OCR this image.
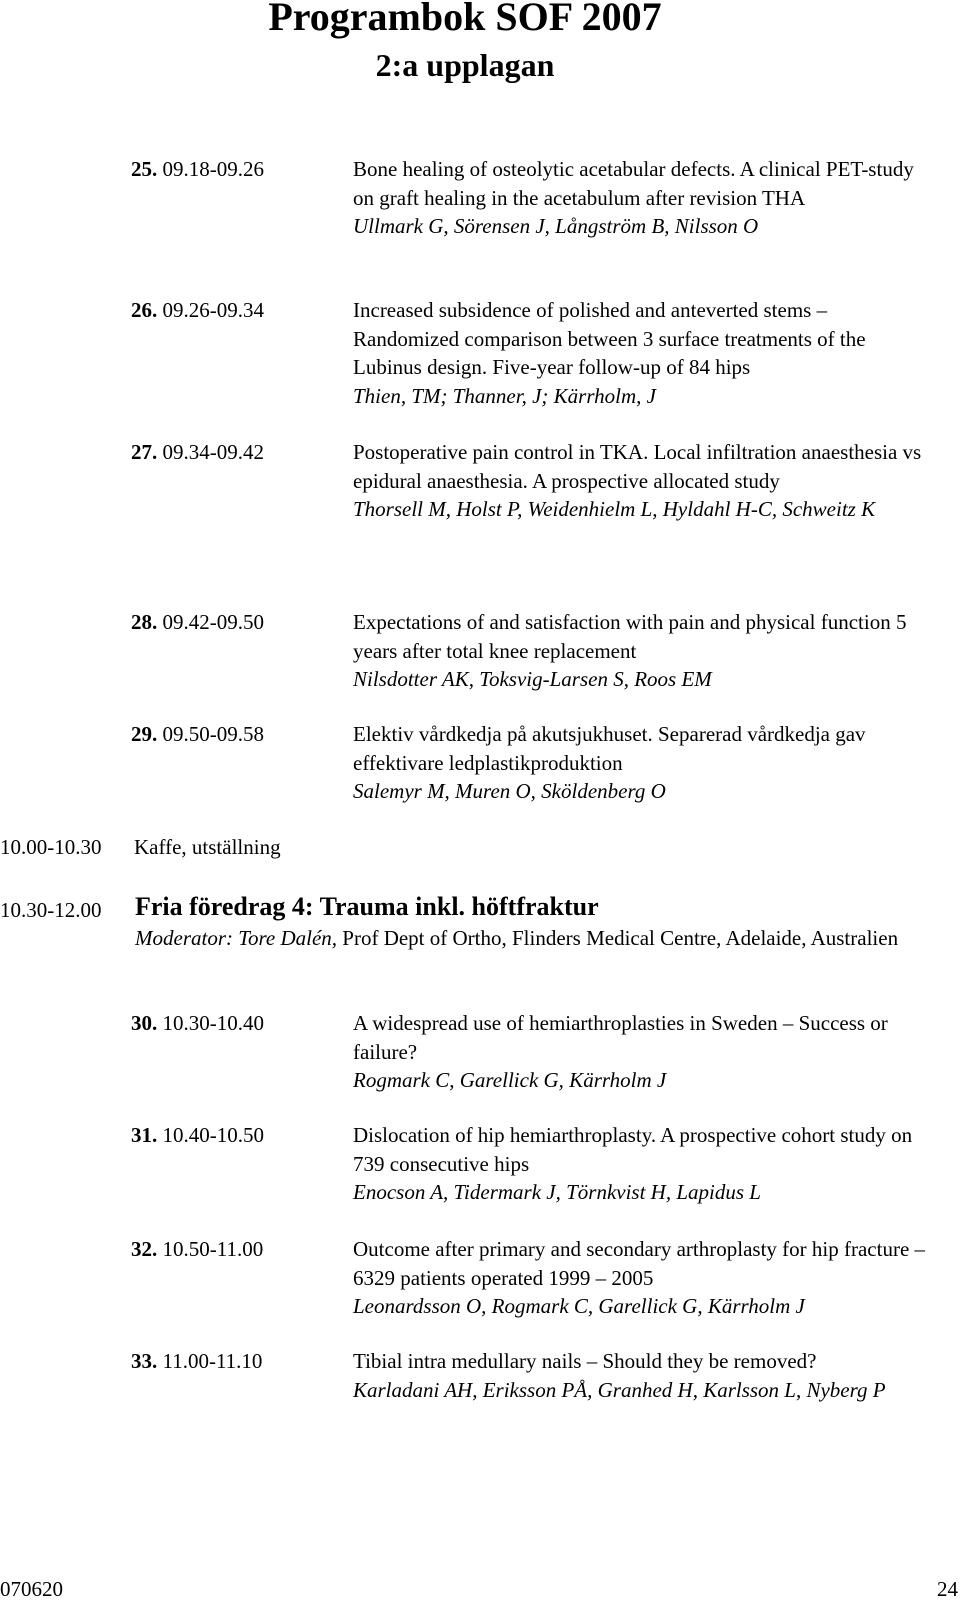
Programbok SOF 2007
2:a upplagan
25. 09.18-09.26	Bone healing of osteolytic acetabular defects. A clinical PET-study on graft healing in the acetabulum after revision THA
Ullmark G, Sörensen J, Långström B, Nilsson O
26. 09.26-09.34	Increased subsidence of polished and anteverted stems – Randomized comparison between 3 surface treatments of the Lubinus design. Five-year follow-up of 84 hips
Thien, TM; Thanner, J; Kärrholm, J
27. 09.34-09.42	Postoperative pain control in TKA. Local infiltration anaesthesia vs epidural anaesthesia. A prospective allocated study
Thorsell M, Holst P, Weidenhielm L, Hyldahl H-C, Schweitz K
28. 09.42-09.50	Expectations of and satisfaction with pain and physical function 5 years after total knee replacement
Nilsdotter AK, Toksvig-Larsen S, Roos EM
29. 09.50-09.58	Elektiv vårdkedja på akutsjukhuset. Separerad vårdkedja gav effektivare ledplastikproduktion
Salemyr M, Muren O, Sköldenberg O
10.00-10.30 Kaffe, utställning
10.30-12.00 Fria föredrag 4: Trauma inkl. höftfraktur
Moderator: Tore Dalén, Prof Dept of Ortho, Flinders Medical Centre, Adelaide, Australien
30. 10.30-10.40	A widespread use of hemiarthroplasties in Sweden – Success or failure?
Rogmark C, Garellick G, Kärrholm J
31. 10.40-10.50	Dislocation of hip hemiarthroplasty. A prospective cohort study on 739 consecutive hips
Enocson A, Tidermark J, Törnkvist H, Lapidus L
32. 10.50-11.00	Outcome after primary and secondary arthroplasty for hip fracture – 6329 patients operated 1999 – 2005
Leonardsson O, Rogmark C, Garellick G, Kärrholm J
33. 11.00-11.10	Tibial intra medullary nails – Should they be removed?
Karladani AH, Eriksson PÅ, Granhed H, Karlsson L, Nyberg P
070620	24
